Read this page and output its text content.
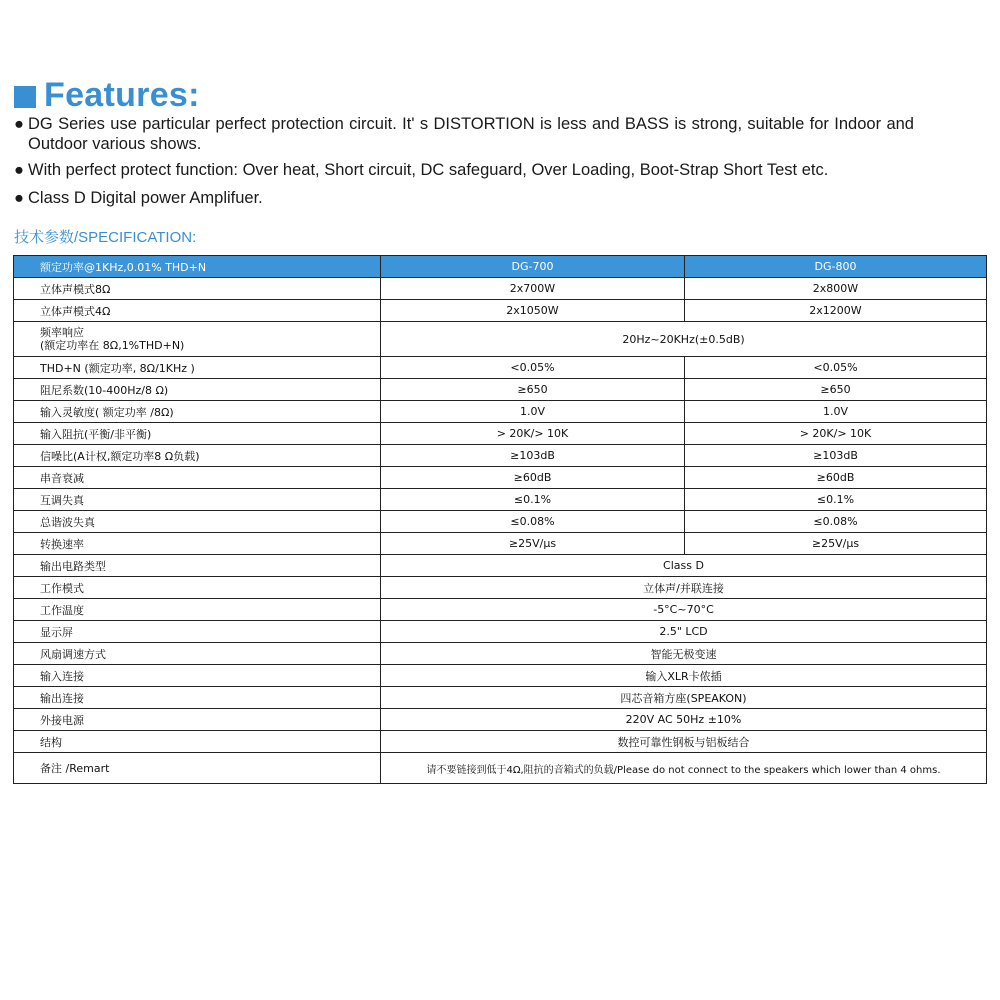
Features:
● DG Series use particular perfect protection circuit. It' s DISTORTION is less and BASS is strong, suitable for Indoor and Outdoor various shows.
● With perfect protect function: Over heat, Short circuit, DC safeguard, Over Loading, Boot-Strap Short Test etc.
● Class D Digital power Amplifuer.
技术参数/SPECIFICATION:
额定功率@1KHz,0.01% THD+N	DG-700	DG-800

立体声模式8Ω	2x700W	2x800W

立体声模式4Ω	2x1050W	2x1200W

频率响应
(额定功率在 8Ω,1%THD+N)	20Hz~20KHz(±0.5dB)	

THD+N (额定功率, 8Ω/1KHz )	<0.05%	<0.05%

阻尼系数(10-400Hz/8 Ω)	≥650	≥650

输入灵敏度( 额定功率 /8Ω)	1.0V	1.0V

输入阻抗(平衡/非平衡)	> 20K/> 10K	> 20K/> 10K

信噪比(A计权,额定功率8 Ω负载)	≥103dB	≥103dB

串音衰减	≥60dB	≥60dB

互调失真	≤0.1%	≤0.1%

总谐波失真	≤0.08%	≤0.08%

转换速率	≥25V/μs	≥25V/μs

输出电路类型	Class D	

工作模式	立体声/并联连接	

工作温度	-5°C~70°C	

显示屏	2.5" LCD	

风扇调速方式	智能无极变速	

输入连接	输入XLR卡侬插	

输出连接	四芯音箱方座(SPEAKON)	

外接电源	220V AC 50Hz ±10%	

结构	数控可靠性钢板与铝板结合	

备注 /Remart	请不要链接到低于4Ω,阻抗的音箱式的负载/Please do not connect to the speakers which lower than 4 ohms.	
